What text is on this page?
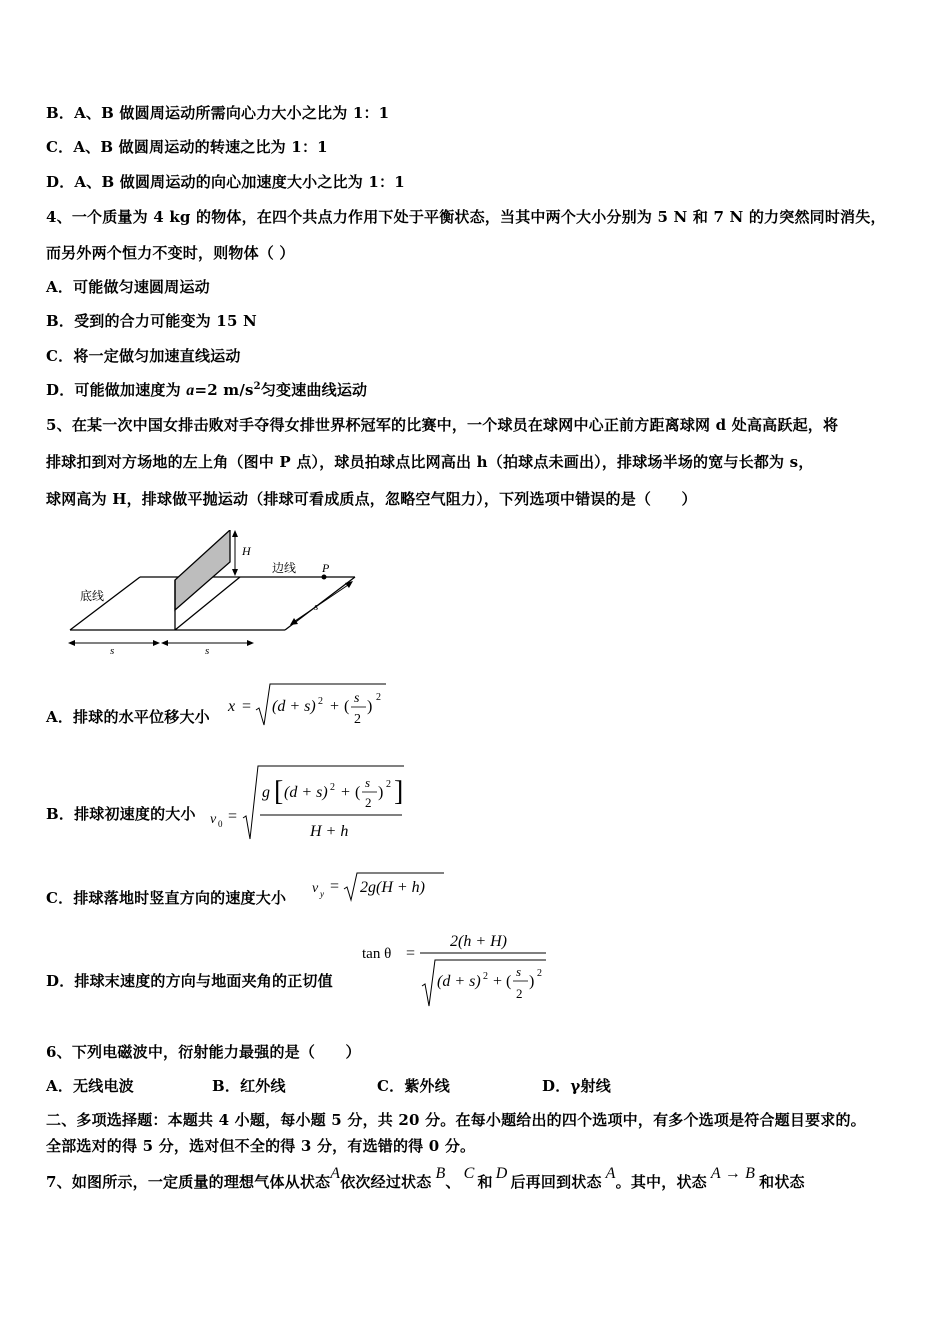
B．A、B 做圆周运动所需向心力大小之比为 1：1
C．A、B 做圆周运动的转速之比为 1：1
D．A、B 做圆周运动的向心加速度大小之比为 1：1
4、一个质量为 4 kg 的物体，在四个共点力作用下处于平衡状态，当其中两个大小分别为 5 N 和 7 N 的力突然同时消失，
而另外两个恒力不变时，则物体（ ）
A．可能做匀速圆周运动
B．受到的合力可能变为 15 N
C．将一定做匀加速直线运动
D．可能做加速度为 a=2 $m/s^2$匀变速曲线运动
5、在某一次中国女排击败对手夺得女排世界杯冠军的比赛中，一个球员在球网中心正前方距离球网 d 处高高跃起，将
排球扣到对方场地的左上角（图中 P 点），球员拍球点比网高出 h（拍球点未画出），排球场半场的宽与长都为 s，
球网高为 H，排球做平抛运动（排球可看成质点，忽略空气阻力），下列选项中错误的是（　　）
H
底线
边线 P
s	s
s
A．排球的水平位移大小
x = (d + s) 2 + ( s
2
)
2
B．排球初速度的大小 v 0 =
g [ (d + s) 2 + (
s
2
) 2 ]
H + h
C．排球落地时竖直方向的速度大小
v y = 2g(H + h)
D．排球末速度的方向与地面夹角的正切值
tan θ =
2(h + H)
(d + s) 2 + (
s
2
) 2
6、下列电磁波中，衍射能力最强的是（　　）
A．无线电波	B．红外线	C．紫外线	D．γ射线
二、多项选择题：本题共 4 小题，每小题 5 分，共 20 分。在每小题给出的四个选项中，有多个选项是符合题目要求的。
全部选对的得 5 分，选对但不全的得 3 分，有选错的得 0 分。
7、如图所示，一定质量的理想气体从状态A依次经过状态 B、 C 和 D 后再回到状态 A。其中，状态 A → B 和状态
